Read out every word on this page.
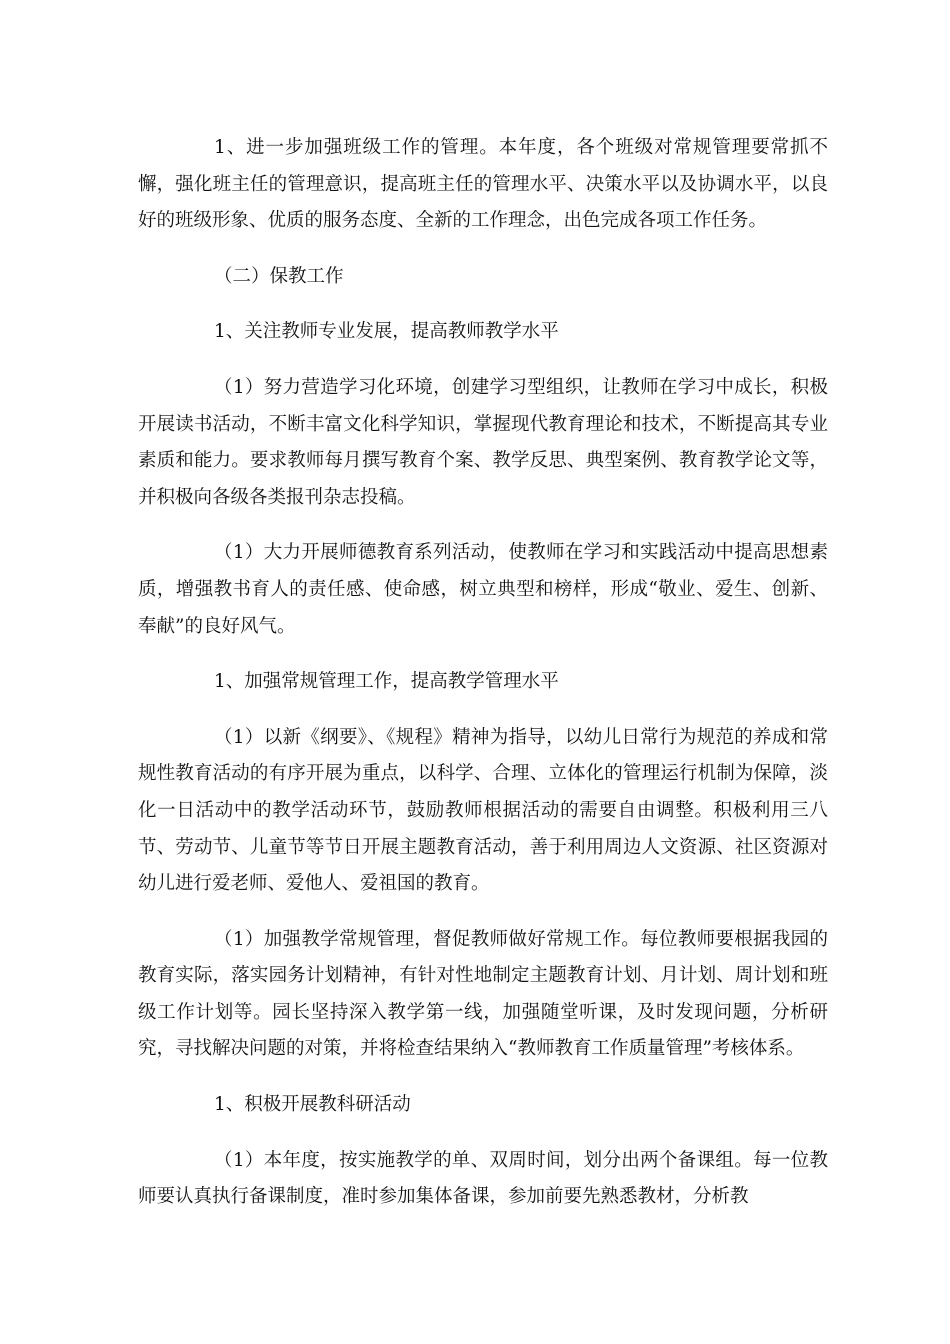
1、进一步加强班级工作的管理。本年度，各个班级对常规管理要常抓不懈，强化班主任的管理意识，提高班主任的管理水平、决策水平以及协调水平，以良好的班级形象、优质的服务态度、全新的工作理念，出色完成各项工作任务。

（二）保教工作

1、关注教师专业发展，提高教师教学水平

（1）努力营造学习化环境，创建学习型组织，让教师在学习中成长，积极开展读书活动，不断丰富文化科学知识，掌握现代教育理论和技术，不断提高其专业素质和能力。要求教师每月撰写教育个案、教学反思、典型案例、教育教学论文等，并积极向各级各类报刊杂志投稿。

（1）大力开展师德教育系列活动，使教师在学习和实践活动中提高思想素质，增强教书育人的责任感、使命感，树立典型和榜样，形成“敬业、爱生、创新、奉献”的良好风气。

1、加强常规管理工作，提高教学管理水平

（1）以新《纲要》、《规程》精神为指导，以幼儿日常行为规范的养成和常规性教育活动的有序开展为重点，以科学、合理、立体化的管理运行机制为保障，淡化一日活动中的教学活动环节，鼓励教师根据活动的需要自由调整。积极利用三八节、劳动节、儿童节等节日开展主题教育活动，善于利用周边人文资源、社区资源对幼儿进行爱老师、爱他人、爱祖国的教育。

（1）加强教学常规管理，督促教师做好常规工作。每位教师要根据我园的教育实际，落实园务计划精神，有针对性地制定主题教育计划、月计划、周计划和班级工作计划等。园长坚持深入教学第一线，加强随堂听课，及时发现问题，分析研究，寻找解决问题的对策，并将检查结果纳入“教师教育工作质量管理”考核体系。

1、积极开展教科研活动

（1）本年度，按实施教学的单、双周时间，划分出两个备课组。每一位教师要认真执行备课制度，准时参加集体备课，参加前要先熟悉教材，分析教
